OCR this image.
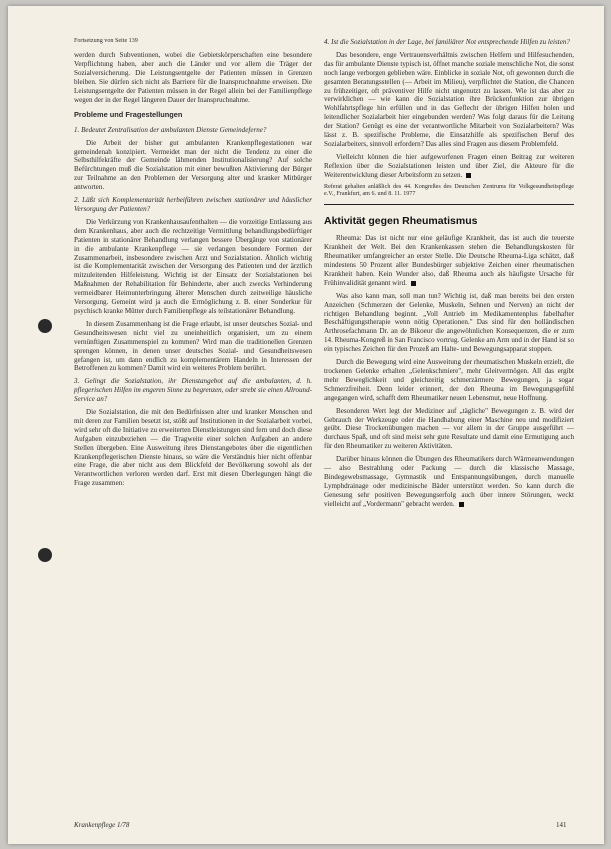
Fortsetzung von Seite 139

werden durch Subventionen, wobei die Gebietskörperschaften eine besondere Verpflichtung haben, aber auch die Länder und vor allem die Träger der Sozialversicherung. Die Leistungsentgelte der Patienten müssen in Grenzen bleiben. Sie dürfen sich nicht als Barriere für die Inanspruchnahme erweisen. Die Leistungsentgelte der Patienten müssen in der Regel allein bei der Familienpflege wegen der in der Regel längeren Dauer der Inanspruchnahme.

Probleme und Fragestellungen

1. Bedeutet Zentralisation der ambulanten Dienste Gemeindeferne?

Die Arbeit der bisher gut ambulanten Krankenpflegestationen war gemeindenah konzipiert. Vermeidet man der nicht die Tendenz zu einer die Selbsthilfekräfte der Gemeinde lähmenden Institutionalisierung? Auf solche Befürchtungen muß die Sozialstation mit einer bewußten Aktivierung der Bürger zur Teilnahme an den Problemen der Versorgung alter und kranker Mitbürger antworten.

2. Läßt sich Komplementarität herbeiführen zwischen stationärer und häuslicher Versorgung der Patienten?

Die Verkürzung von Krankenhausaufenthalten — die vorzeitige Entlassung aus dem Krankenhaus, aber auch die rechtzeitige Vermittlung behandlungsbedürftiger Patienten in stationärer Behandlung verlangen bessere Übergänge von stationärer in die ambulante Krankenpflege — sie verlangen besondere Formen der Zusammenarbeit, insbesondere zwischen Arzt und Sozialstation. Ähnlich wichtig ist die Komplementarität zwischen der Versorgung des Patienten und der ärztlich mitzuleitenden Hilfeleistung. Wichtig ist der Einsatz der Sozialstationen bei Maßnahmen der Rehabilitation für Behinderte, aber auch zwecks Verhinderung vermeidbarer Heimunterbringung älterer Menschen durch zeitweilige häusliche Versorgung. Gemeint wird ja auch die Ermöglichung z. B. einer Sonderkur für psychisch kranke Mütter durch Familienpflege als teilstationärer Behandlung.

In diesem Zusammenhang ist die Frage erlaubt, ist unser deutsches Sozial- und Gesundheitswesen nicht viel zu uneinheitlich organisiert, um zu einem vernünftigen Zusammenspiel zu kommen? Wird man die traditionellen Grenzen sprengen können, in denen unser deutsches Sozial- und Gesundheitswesen gefangen ist, um dann endlich zu komplementärem Handeln in Interessen der Betroffenen zu kommen? Damit wird ein weiteres Problem berührt.

3. Gelingt die Sozialstation, ihr Dienstangebot auf die ambulanten, d. h. pflegerischen Hilfen im engeren Sinne zu begrenzen, oder strebt sie einen Allround-Service an?

Die Sozialstation, die mit den Bedürfnissen alter und kranker Menschen und mit deren zur Familien besetzt ist, stößt auf Institutionen in der Sozialarbeit vorbei, wird sehr oft die Initiative zu erweiterten Dienstleistungen sind fern und doch diese Aufgaben einzubeziehen — die Tragweite einer solchen Aufgaben an andere Stellen übergeben. Eine Ausweitung ihres Dienstangebotes über die eigentlichen Krankenpflegerischen Dienste hinaus, so wäre die Verständnis hier nicht offenbar eine Frage, die aber nicht aus dem Blickfeld der Bevölkerung sowohl als der Verantwortlichen verloren werden darf. Erst mit diesen Überlegungen hängt die Frage zusammen:

4. Ist die Sozialstation in der Lage, bei familiärer Not entsprechende Hilfen zu leisten?

Das besondere, enge Vertrauensverhältnis zwischen Helfern und Hilfesuchenden, das für ambulante Dienste typisch ist, öffnet manche soziale menschliche Not, die sonst noch lange verborgen geblieben wäre. Einblicke in soziale Not, oft gewonnen durch die gesamten Beratungsstellen (— Arbeit im Milieu), verpflichtet die Station, die Chancen zu frühzeitiger, oft präventiver Hilfe nicht ungenutzt zu lassen. Wie ist das aber zu verwirklichen — wie kann die Sozialstation ihre Brückenfunktion zur übrigen Wohlfahrtspflege hin erfüllen und in das Geflecht der übrigen Hilfen holen und leitendlicher Sozialarbeit hier eingebunden werden? Was folgt daraus für die Leitung der Station? Genügt es eine der verantwortliche Mitarbeit von Sozialarbeitern? Was lässt z. B. spezifische Probleme, die Einsatzhilfe als spezifischen Beruf des Sozialarbeiters, sinnvoll erfordern? Das alles sind Fragen aus diesem Problemfeld.

Vielleicht können die hier aufgeworfenen Fragen einen Beitrag zur weiteren Reflexion über die Sozialstationen leisten und über Ziel, die Akteure für die Weiterentwicklung dieser Arbeitsform zu setzen.

Referat gehalten anläßlich des 44. Kongreßes des Deutschen Zentrums für Volkgesundheitspflege e.V., Frankfurt, am 6. und 8. 11. 1977

Aktivität gegen Rheumatismus

Rheuma: Das ist nicht nur eine geläufige Krankheit, das ist auch die teuerste Krankheit der Welt. Bei den Krankenkassen stehen die Behandlungskosten für Rheumatiker umfangreicher an erster Stelle. Die Deutsche Rheuma-Liga schätzt, daß mindestens 50 Prozent aller Bundesbürger subjektive Zeichen einer rheumatischen Krankheit haben. Kein Wunder also, daß Rheuma auch als häufigste Ursache für Frühinvalidität genannt wird.

Was also kann man, soll man tun? Wichtig ist, daß man bereits bei den ersten Anzeichen (Schmerzen der Gelenke, Muskeln, Sehnen und Nerven) an nicht der richtigen Behandlung beginnt. „Voll Antrieb im Medikamentenplus fabelhafter Beschäftigungstherapie wenn nötig Operationen." Das sind für den holländischen Arthrosefachmann Dr. an de Bikoeur die angewöhnlichen Konsequenzen, die er zum 14. Rheuma-Kongreß in San Francisco vortrug. Gelenke am Arm und in der Hand ist so ein typisches Zeichen für den Prozeß am Halte- und Bewegungsapparat stoppen.

Durch die Bewegung wird eine Ausweitung der rheumatischen Muskeln erzielt, die trockenen Gelenke erhalten „Gelenkschmiere", mehr Gleitvermögen. All das ergibt mehr Beweglichkeit und gleichzeitig schmerzärmere Bewegungen, ja sogar Schmerzfreiheit. Denn leider erinnert, der den Rheuma im Bewegungsgefühl angegangen wird, schafft dem Rheumatiker neuen Lebensmut, neue Hoffnung.

Besonderen Wert legt der Mediziner auf „tägliche" Bewegungen z. B. wird der Gebrauch der Werkzeuge oder die Handhabung einer Maschine neu und modifiziert geübt. Diese Trockenübungen machen — vor allem in der Gruppe ausgeführt — durchaus Spaß, und oft sind meist sehr gute Resultate und damit eine Ermutigung auch für den Rheumatiker zu weiteren Aktivitäten.

Darüber hinaus können die Übungen des Rheumatikers durch Wärmeanwendungen — also Bestrahlung oder Packung — durch die klassische Massage, Bindegewebsmassage, Gymnastik und Entspannungsübungen, durch manuelle Lymphdrainage oder medizinische Bäder unterstützt werden. So kann durch die Genesung sehr positiven Bewegungserfolg auch über innere Störungen, weckt vielleicht auf „Vordermann" gebracht werden.

Krankenpflege 1/78	141
